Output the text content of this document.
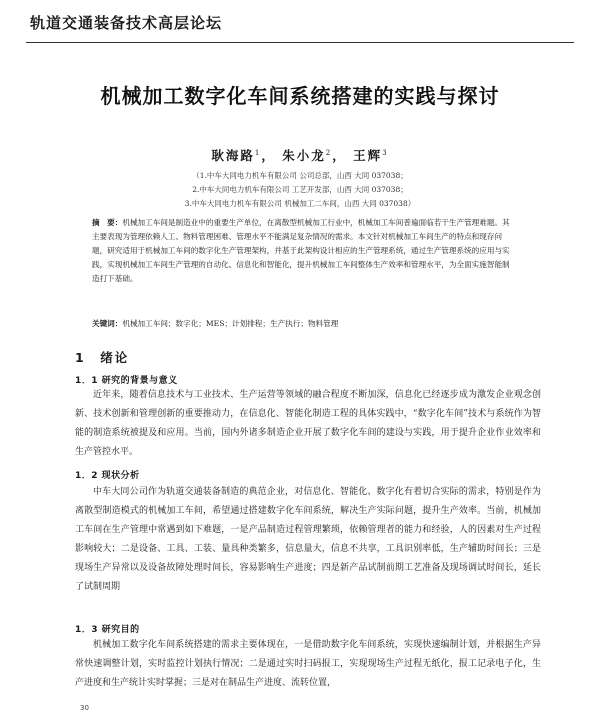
轨道交通装备技术高层论坛
机械加工数字化车间系统搭建的实践与探讨
耿海路$^1$， 朱小龙$^2$， 王辉$^3$
（1.中车大同电力机车有限公司 公司总部，山西 大同 037038；
2.中车大同电力机车有限公司 工艺开发部，山西 大同 037038；
3.中车大同电力机车有限公司 机械加工二车间，山西 大同 037038）
摘　要：机械加工车间是制造业中的重要生产单位，在离散型机械加工行业中，机械加工车间普遍面临若干生产管理难题。其主要表现为管理依赖人工、物料管理困难、管理水平不能满足复杂情况的需求。本文针对机械加工车间生产的特点和现存问题，研究适用于机械加工车间的数字化生产管理架构，并基于此架构设计相应的生产管理系统，通过生产管理系统的应用与实践，实现机械加工车间生产管理的自动化、信息化和智能化，提升机械加工车间整体生产效率和管理水平，为全面实施智能制造打下基础。
关键词：机械加工车间；数字化；MES；计划排程；生产执行；物料管理
1　绪论
1．1 研究的背景与意义
近年来，随着信息技术与工业技术、生产运营等领域的融合程度不断加深，信息化已经逐步成为激发企业观念创新、技术创新和管理创新的重要推动力，在信息化、智能化制造工程的具体实践中，“数字化车间”技术与系统作为智能的制造系统被提及和应用。当前，国内外诸多制造企业开展了数字化车间的建设与实践，用于提升企业作业效率和生产管控水平。
1．2 现状分析
中车大同公司作为轨道交通装备制造的典范企业，对信息化、智能化、数字化有着切合实际的需求，特别是作为离散型制造模式的机械加工车间，希望通过搭建数字化车间系统，解决生产实际问题，提升生产效率。当前，机械加工车间在生产管理中常遇到如下难题，一是产品制造过程管理繁琐，依赖管理者的能力和经验，人的因素对生产过程影响较大；二是设备、工具、工装、量具种类繁多，信息量大，信息不共享，工具识别率低，生产辅助时间长；三是现场生产异常以及设备故障处理时间长，容易影响生产进度；四是新产品试制前期工艺准备及现场调试时间长，延长了试制周期
1．3 研究目的
机械加工数字化车间系统搭建的需求主要体现在，一是借助数字化车间系统，实现快速编制计划，并根据生产异常快速调整计划，实时监控计划执行情况；二是通过实时扫码报工，实现现场生产过程无纸化，报工记录电子化，生产进度和生产统计实时掌握；三是对在制品生产进度、流转位置，
30
